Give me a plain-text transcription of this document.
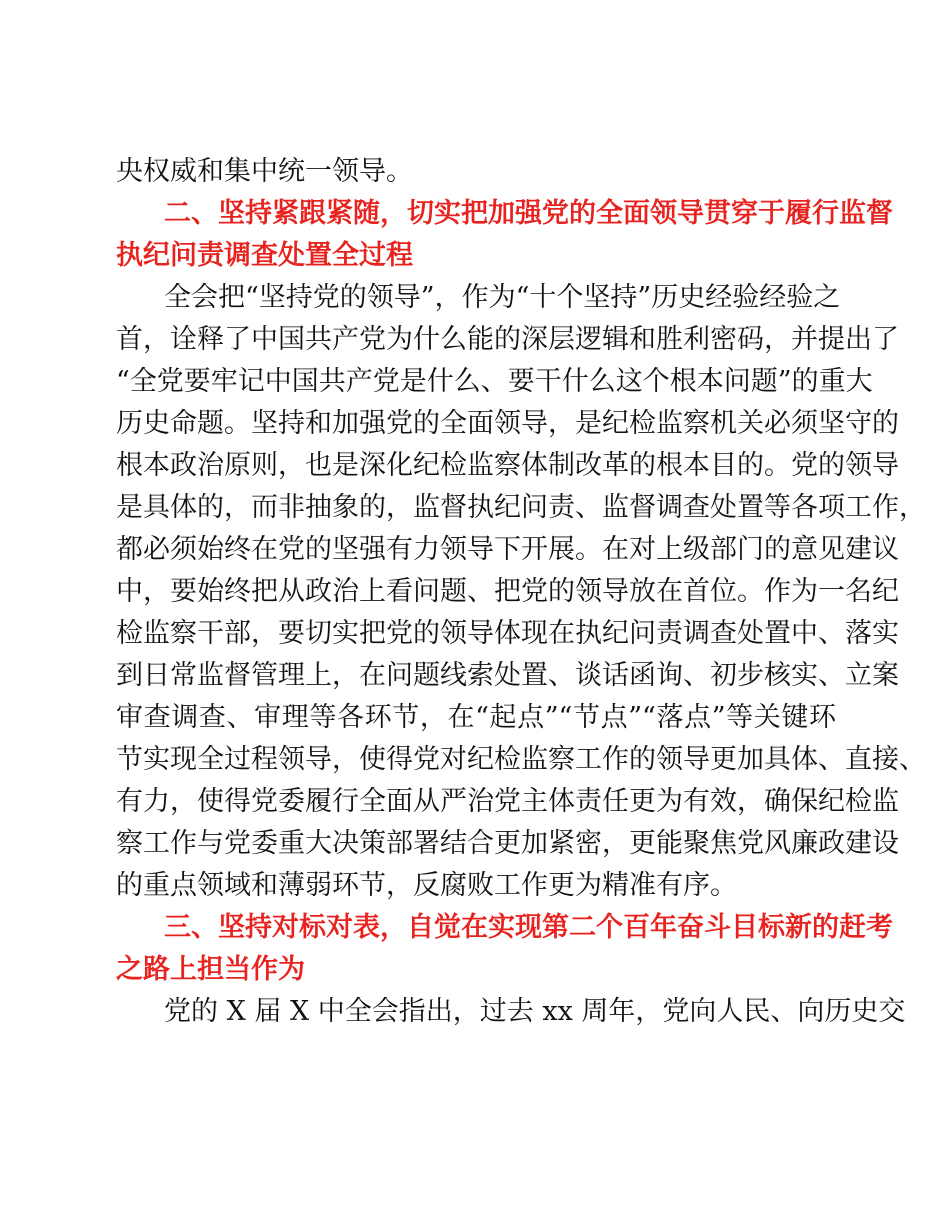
央权威和集中统一领导。
二、坚持紧跟紧随，切实把加强党的全面领导贯穿于履行监督
执纪问责调查处置全过程
全会把“坚持党的领导”，作为“十个坚持”历史经验经验之
首，诠释了中国共产党为什么能的深层逻辑和胜利密码，并提出了
“全党要牢记中国共产党是什么、要干什么这个根本问题”的重大
历史命题。坚持和加强党的全面领导，是纪检监察机关必须坚守的
根本政治原则，也是深化纪检监察体制改革的根本目的。党的领导
是具体的，而非抽象的，监督执纪问责、监督调查处置等各项工作，
都必须始终在党的坚强有力领导下开展。在对上级部门的意见建议
中，要始终把从政治上看问题、把党的领导放在首位。作为一名纪
检监察干部，要切实把党的领导体现在执纪问责调查处置中、落实
到日常监督管理上，在问题线索处置、谈话函询、初步核实、立案
审查调查、审理等各环节，在“起点”“节点”“落点”等关键环
节实现全过程领导，使得党对纪检监察工作的领导更加具体、直接、
有力，使得党委履行全面从严治党主体责任更为有效，确保纪检监
察工作与党委重大决策部署结合更加紧密，更能聚焦党风廉政建设
的重点领域和薄弱环节，反腐败工作更为精准有序。
三、坚持对标对表，自觉在实现第二个百年奋斗目标新的赶考
之路上担当作为
党的 X 届 X 中全会指出，过去 xx 周年，党向人民、向历史交
